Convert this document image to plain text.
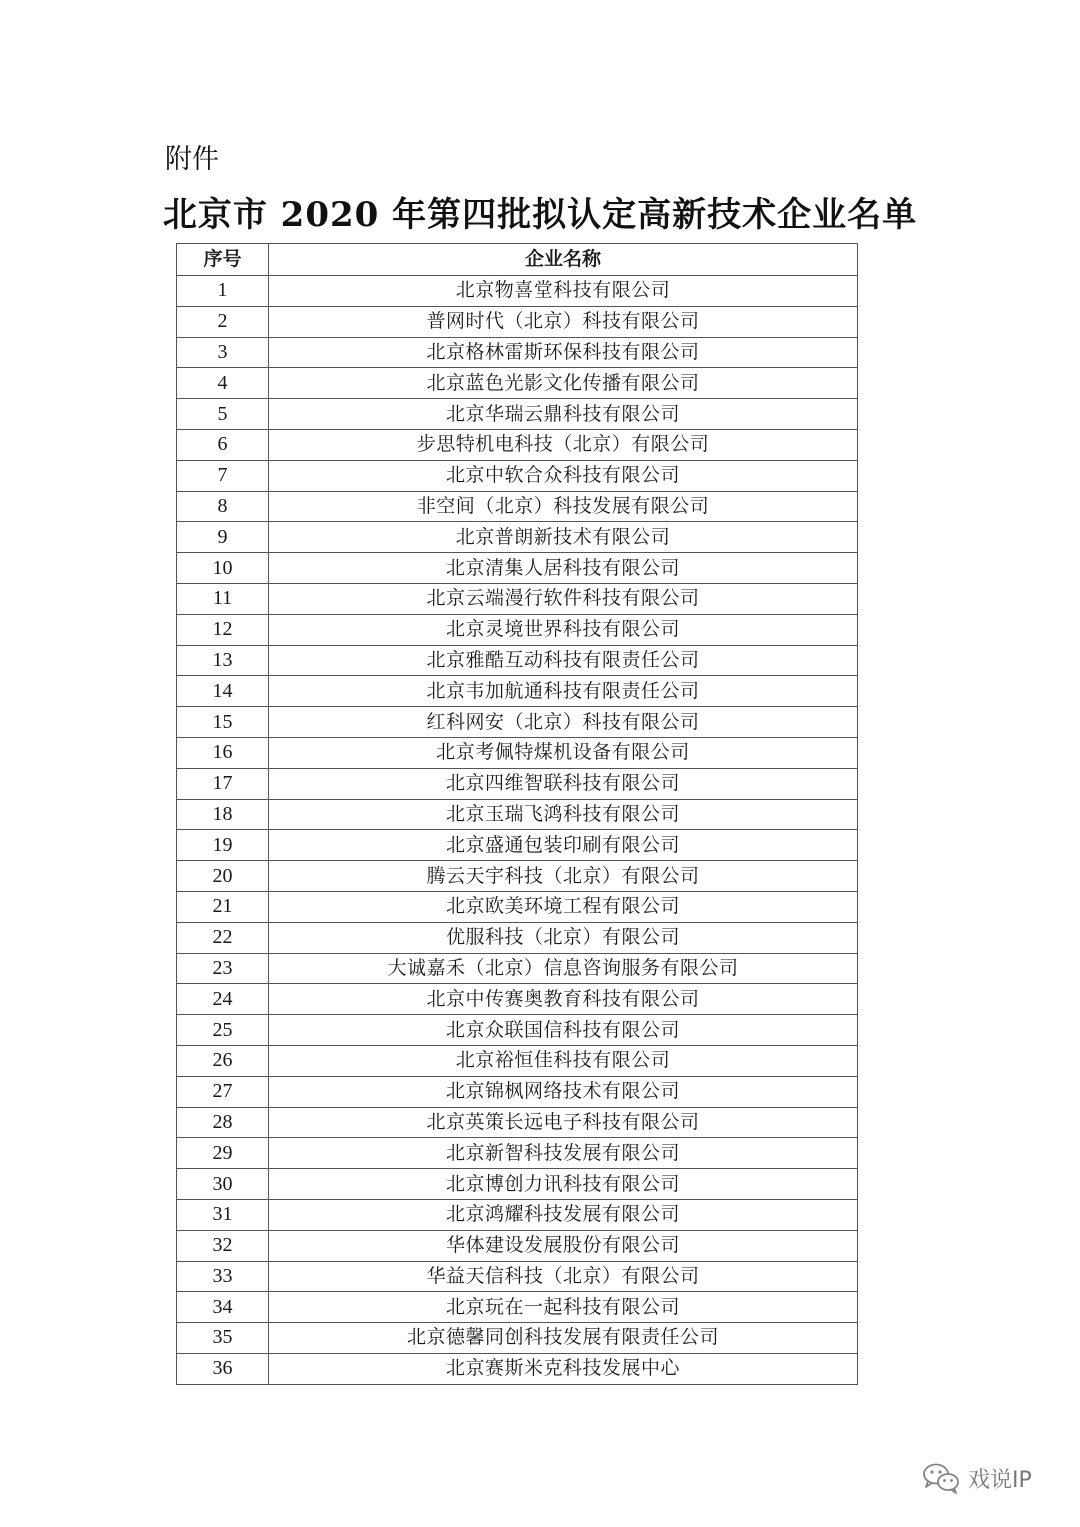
附件
北京市 2020 年第四批拟认定高新技术企业名单
序号	企业名称
1	北京物喜堂科技有限公司
2	普网时代（北京）科技有限公司
3	北京格林雷斯环保科技有限公司
4	北京蓝色光影文化传播有限公司
5	北京华瑞云鼎科技有限公司
6	步思特机电科技（北京）有限公司
7	北京中软合众科技有限公司
8	非空间（北京）科技发展有限公司
9	北京普朗新技术有限公司
10	北京清集人居科技有限公司
11	北京云端漫行软件科技有限公司
12	北京灵境世界科技有限公司
13	北京雅酷互动科技有限责任公司
14	北京韦加航通科技有限责任公司
15	红科网安（北京）科技有限公司
16	北京考佩特煤机设备有限公司
17	北京四维智联科技有限公司
18	北京玉瑞飞鸿科技有限公司
19	北京盛通包装印刷有限公司
20	腾云天宇科技（北京）有限公司
21	北京欧美环境工程有限公司
22	优服科技（北京）有限公司
23	大诚嘉禾（北京）信息咨询服务有限公司
24	北京中传赛奥教育科技有限公司
25	北京众联国信科技有限公司
26	北京裕恒佳科技有限公司
27	北京锦枫网络技术有限公司
28	北京英策长远电子科技有限公司
29	北京新智科技发展有限公司
30	北京博创力讯科技有限公司
31	北京鸿耀科技发展有限公司
32	华体建设发展股份有限公司
33	华益天信科技（北京）有限公司
34	北京玩在一起科技有限公司
35	北京德馨同创科技发展有限责任公司
36	北京赛斯米克科技发展中心
戏说IP
